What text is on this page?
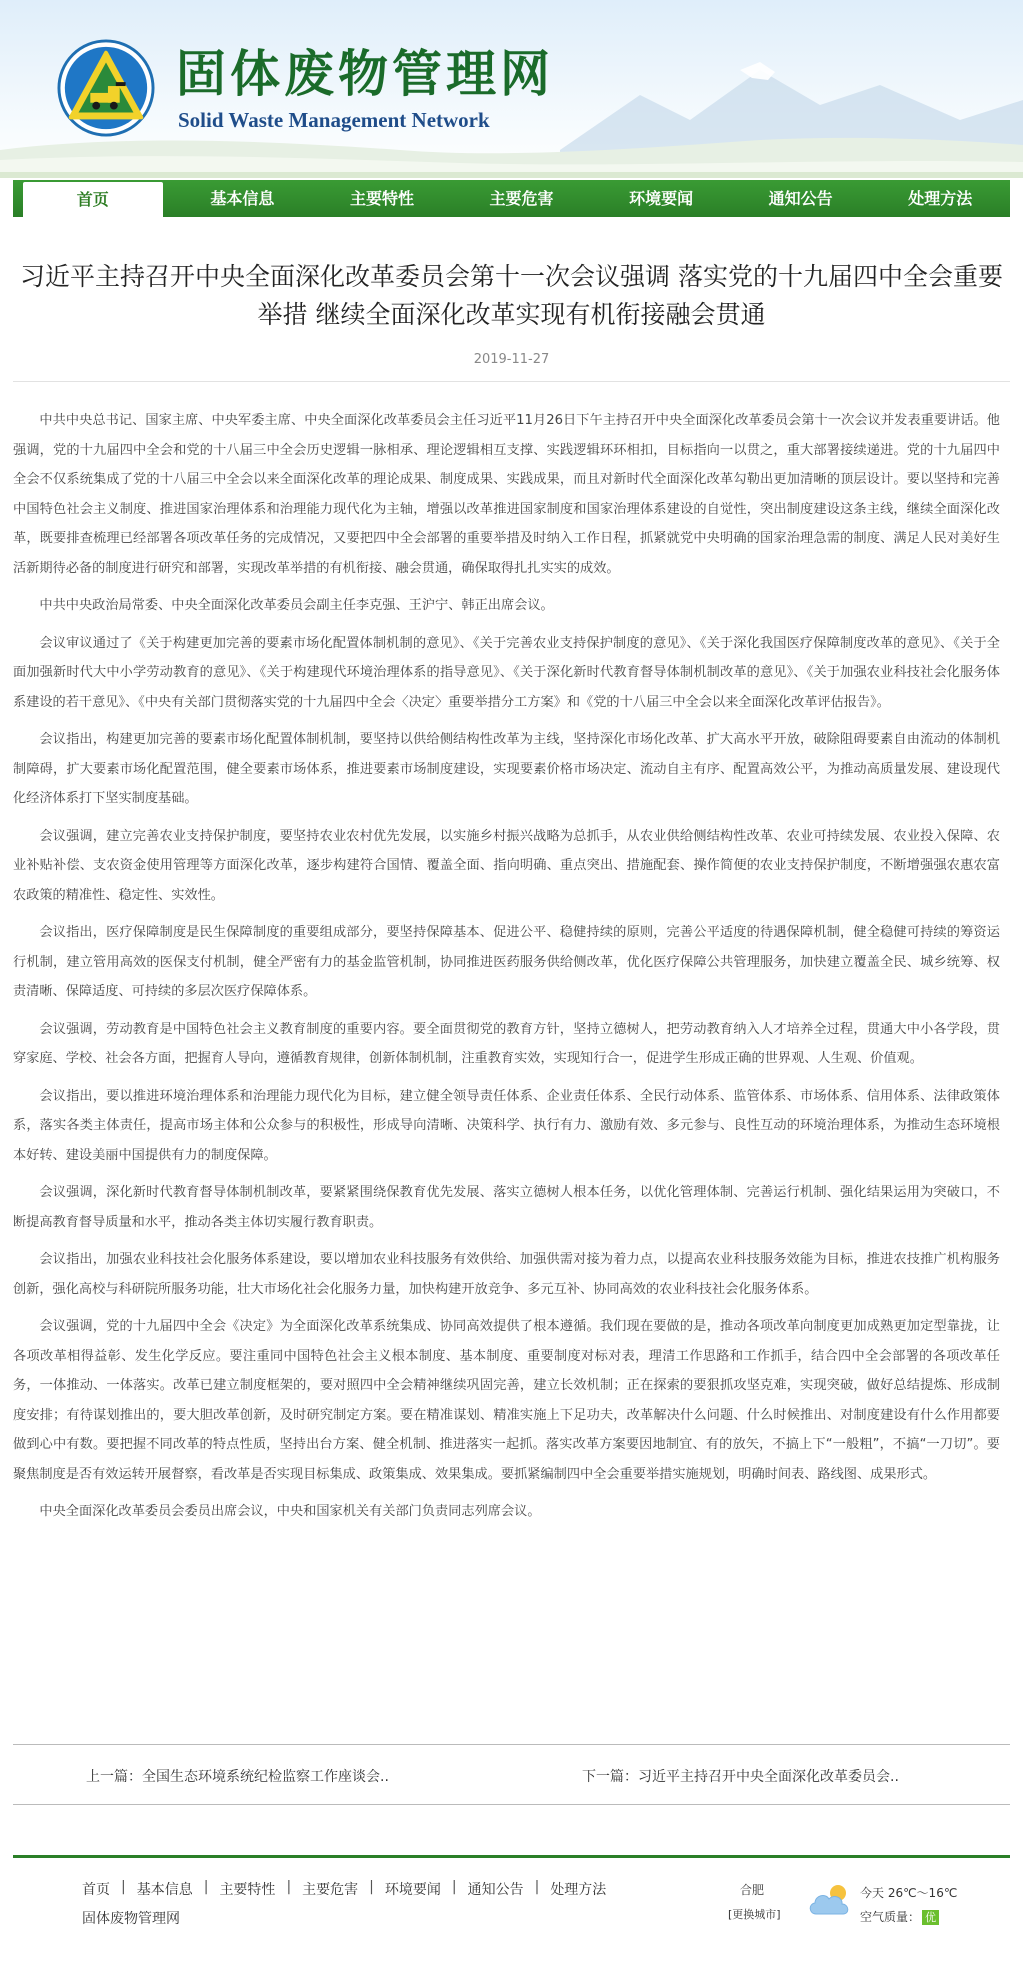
固体废物管理网
Solid Waste Management Network
首页	基本信息	主要特性	主要危害	环境要闻	通知公告	处理方法
习近平主持召开中央全面深化改革委员会第十一次会议强调 落实党的十九届四中全会重要举措 继续全面深化改革实现有机衔接融会贯通
2019-11-27

中共中央总书记、国家主席、中央军委主席、中央全面深化改革委员会主任习近平11月26日下午主持召开中央全面深化改革委员会第十一次会议并发表重要讲话。他强调，党的十九届四中全会和党的十八届三中全会历史逻辑一脉相承、理论逻辑相互支撑、实践逻辑环环相扣，目标指向一以贯之，重大部署接续递进。党的十九届四中全会不仅系统集成了党的十八届三中全会以来全面深化改革的理论成果、制度成果、实践成果，而且对新时代全面深化改革勾勒出更加清晰的顶层设计。要以坚持和完善中国特色社会主义制度、推进国家治理体系和治理能力现代化为主轴，增强以改革推进国家制度和国家治理体系建设的自觉性，突出制度建设这条主线，继续全面深化改革，既要排查梳理已经部署各项改革任务的完成情况，又要把四中全会部署的重要举措及时纳入工作日程，抓紧就党中央明确的国家治理急需的制度、满足人民对美好生活新期待必备的制度进行研究和部署，实现改革举措的有机衔接、融会贯通，确保取得扎扎实实的成效。

中共中央政治局常委、中央全面深化改革委员会副主任李克强、王沪宁、韩正出席会议。

会议审议通过了《关于构建更加完善的要素市场化配置体制机制的意见》、《关于完善农业支持保护制度的意见》、《关于深化我国医疗保障制度改革的意见》、《关于全面加强新时代大中小学劳动教育的意见》、《关于构建现代环境治理体系的指导意见》、《关于深化新时代教育督导体制机制改革的意见》、《关于加强农业科技社会化服务体系建设的若干意见》、《中央有关部门贯彻落实党的十九届四中全会〈决定〉重要举措分工方案》和《党的十八届三中全会以来全面深化改革评估报告》。

会议指出，构建更加完善的要素市场化配置体制机制，要坚持以供给侧结构性改革为主线，坚持深化市场化改革、扩大高水平开放，破除阻碍要素自由流动的体制机制障碍，扩大要素市场化配置范围，健全要素市场体系，推进要素市场制度建设，实现要素价格市场决定、流动自主有序、配置高效公平，为推动高质量发展、建设现代化经济体系打下坚实制度基础。

会议强调，建立完善农业支持保护制度，要坚持农业农村优先发展，以实施乡村振兴战略为总抓手，从农业供给侧结构性改革、农业可持续发展、农业投入保障、农业补贴补偿、支农资金使用管理等方面深化改革，逐步构建符合国情、覆盖全面、指向明确、重点突出、措施配套、操作简便的农业支持保护制度，不断增强强农惠农富农政策的精准性、稳定性、实效性。

会议指出，医疗保障制度是民生保障制度的重要组成部分，要坚持保障基本、促进公平、稳健持续的原则，完善公平适度的待遇保障机制，健全稳健可持续的筹资运行机制，建立管用高效的医保支付机制，健全严密有力的基金监管机制，协同推进医药服务供给侧改革，优化医疗保障公共管理服务，加快建立覆盖全民、城乡统筹、权责清晰、保障适度、可持续的多层次医疗保障体系。

会议强调，劳动教育是中国特色社会主义教育制度的重要内容。要全面贯彻党的教育方针，坚持立德树人，把劳动教育纳入人才培养全过程，贯通大中小各学段，贯穿家庭、学校、社会各方面，把握育人导向，遵循教育规律，创新体制机制，注重教育实效，实现知行合一，促进学生形成正确的世界观、人生观、价值观。

会议指出，要以推进环境治理体系和治理能力现代化为目标，建立健全领导责任体系、企业责任体系、全民行动体系、监管体系、市场体系、信用体系、法律政策体系，落实各类主体责任，提高市场主体和公众参与的积极性，形成导向清晰、决策科学、执行有力、激励有效、多元参与、良性互动的环境治理体系，为推动生态环境根本好转、建设美丽中国提供有力的制度保障。

会议强调，深化新时代教育督导体制机制改革，要紧紧围绕保教育优先发展、落实立德树人根本任务，以优化管理体制、完善运行机制、强化结果运用为突破口，不断提高教育督导质量和水平，推动各类主体切实履行教育职责。

会议指出，加强农业科技社会化服务体系建设，要以增加农业科技服务有效供给、加强供需对接为着力点，以提高农业科技服务效能为目标，推进农技推广机构服务创新，强化高校与科研院所服务功能，壮大市场化社会化服务力量，加快构建开放竞争、多元互补、协同高效的农业科技社会化服务体系。

会议强调，党的十九届四中全会《决定》为全面深化改革系统集成、协同高效提供了根本遵循。我们现在要做的是，推动各项改革向制度更加成熟更加定型靠拢，让各项改革相得益彰、发生化学反应。要注重同中国特色社会主义根本制度、基本制度、重要制度对标对表，理清工作思路和工作抓手，结合四中全会部署的各项改革任务，一体推动、一体落实。改革已建立制度框架的，要对照四中全会精神继续巩固完善，建立长效机制；正在探索的要狠抓攻坚克难，实现突破，做好总结提炼、形成制度安排；有待谋划推出的，要大胆改革创新，及时研究制定方案。要在精准谋划、精准实施上下足功夫，改革解决什么问题、什么时候推出、对制度建设有什么作用都要做到心中有数。要把握不同改革的特点性质，坚持出台方案、健全机制、推进落实一起抓。落实改革方案要因地制宜、有的放矢，不搞上下“一般粗”，不搞“一刀切”。要聚焦制度是否有效运转开展督察，看改革是否实现目标集成、政策集成、效果集成。要抓紧编制四中全会重要举措实施规划，明确时间表、路线图、成果形式。

中央全面深化改革委员会委员出席会议，中央和国家机关有关部门负责同志列席会议。

上一篇：全国生态环境系统纪检监察工作座谈会..	下一篇：习近平主持召开中央全面深化改革委员会..
首页 | 基本信息 | 主要特性 | 主要危害 | 环境要闻 | 通知公告 | 处理方法
固体废物管理网
合肥
[更换城市]
今天 26℃～16℃
空气质量： 优
